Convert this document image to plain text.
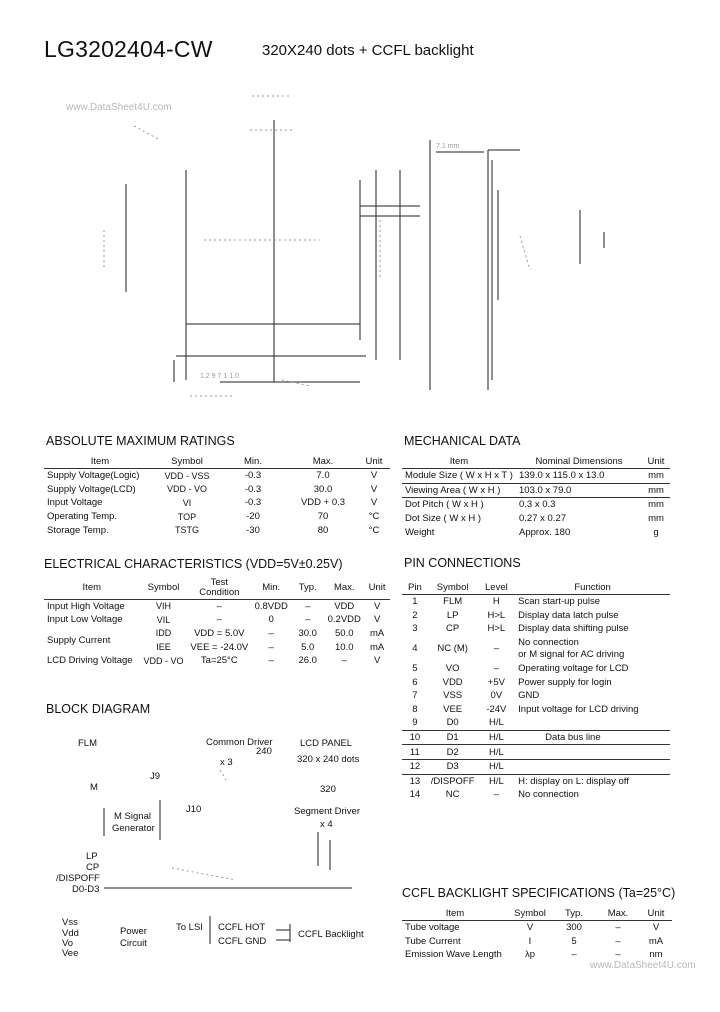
LG3202404-CW	320X240 dots + CCFL backlight
www.DataSheet4U.com
7.1 mm
1.2 9 7 1 1.0
ABSOLUTE MAXIMUM RATINGS
Item	Symbol	Min.	Max.	Unit
Supply Voltage(Logic)	VDD - VSS	-0.3	7.0	V
Supply Voltage(LCD)	VDD - VO	-0.3	30.0	V
Input Voltage	VI	-0.3	VDD + 0.3	V
Operating Temp.	TOP	-20	70	°C
Storage Temp.	TSTG	-30	80	°C
MECHANICAL DATA
Item	Nominal Dimensions	Unit
Module Size ( W x H x T )	139.0 x 115.0 x 13.0	mm
Viewing Area ( W x H )	103.0 x 79.0	mm
Dot Pitch ( W x H )	0.3 x 0.3	mm
Dot Size ( W x H )	0.27 x 0.27	mm
Weight	Approx. 180	g
ELECTRICAL CHARACTERISTICS (VDD=5V±0.25V)
Item	Symbol	Test Condition	Min.	Typ.	Max.	Unit
Input High Voltage	VIH	–	0.8VDD	–	VDD	V
Input Low Voltage	VIL	–	0	–	0.2VDD	V
Supply Current	IDD	VDD = 5.0V	–	30.0	50.0	mA
	IEE	VEE = -24.0V	–	5.0	10.0	mA
LCD Driving Voltage	VDD - VO	Ta=25°C	–	26.0	–	V
PIN CONNECTIONS
Pin	Symbol	Level	Function
1	FLM	H	Scan start-up pulse
2	LP	H>L	Display data latch pulse
3	CP	H>L	Display data shifting pulse
4	NC (M)	–	No connection
or M signal for AC driving

5	VO	–	Operating voltage for LCD
6	VDD	+5V	Power supply for login
7	VSS	0V	GND
8	VEE	-24V	Input voltage for LCD driving
9	D0	H/L	
10	D1	H/L	Data bus line
11	D2	H/L	
12	D3	H/L	
13	/DISPOFF	H/L	H: display on L: display off
14	NC	–	No connection
BLOCK DIAGRAM
FLM	Common Driver
x 3
240
LCD PANEL
320 x 240 dots
J9
M
J10
320
Segment Driver
x 4
M Signal
Generator
LP
CP
/DISPOFF
D0-D3
Vss
Vdd
Vo
Vee
Power
Circuit
To LSI CCFL HOT
CCFL GND
CCFL Backlight
CCFL BACKLIGHT SPECIFICATIONS (Ta=25°C)
Item	Symbol	Typ.	Max.	Unit
Tube voltage	V	300	–	V
Tube Current	I	5	–	mA
Emission Wave Length	λp	–	–	nm
www.DataSheet4U.com
